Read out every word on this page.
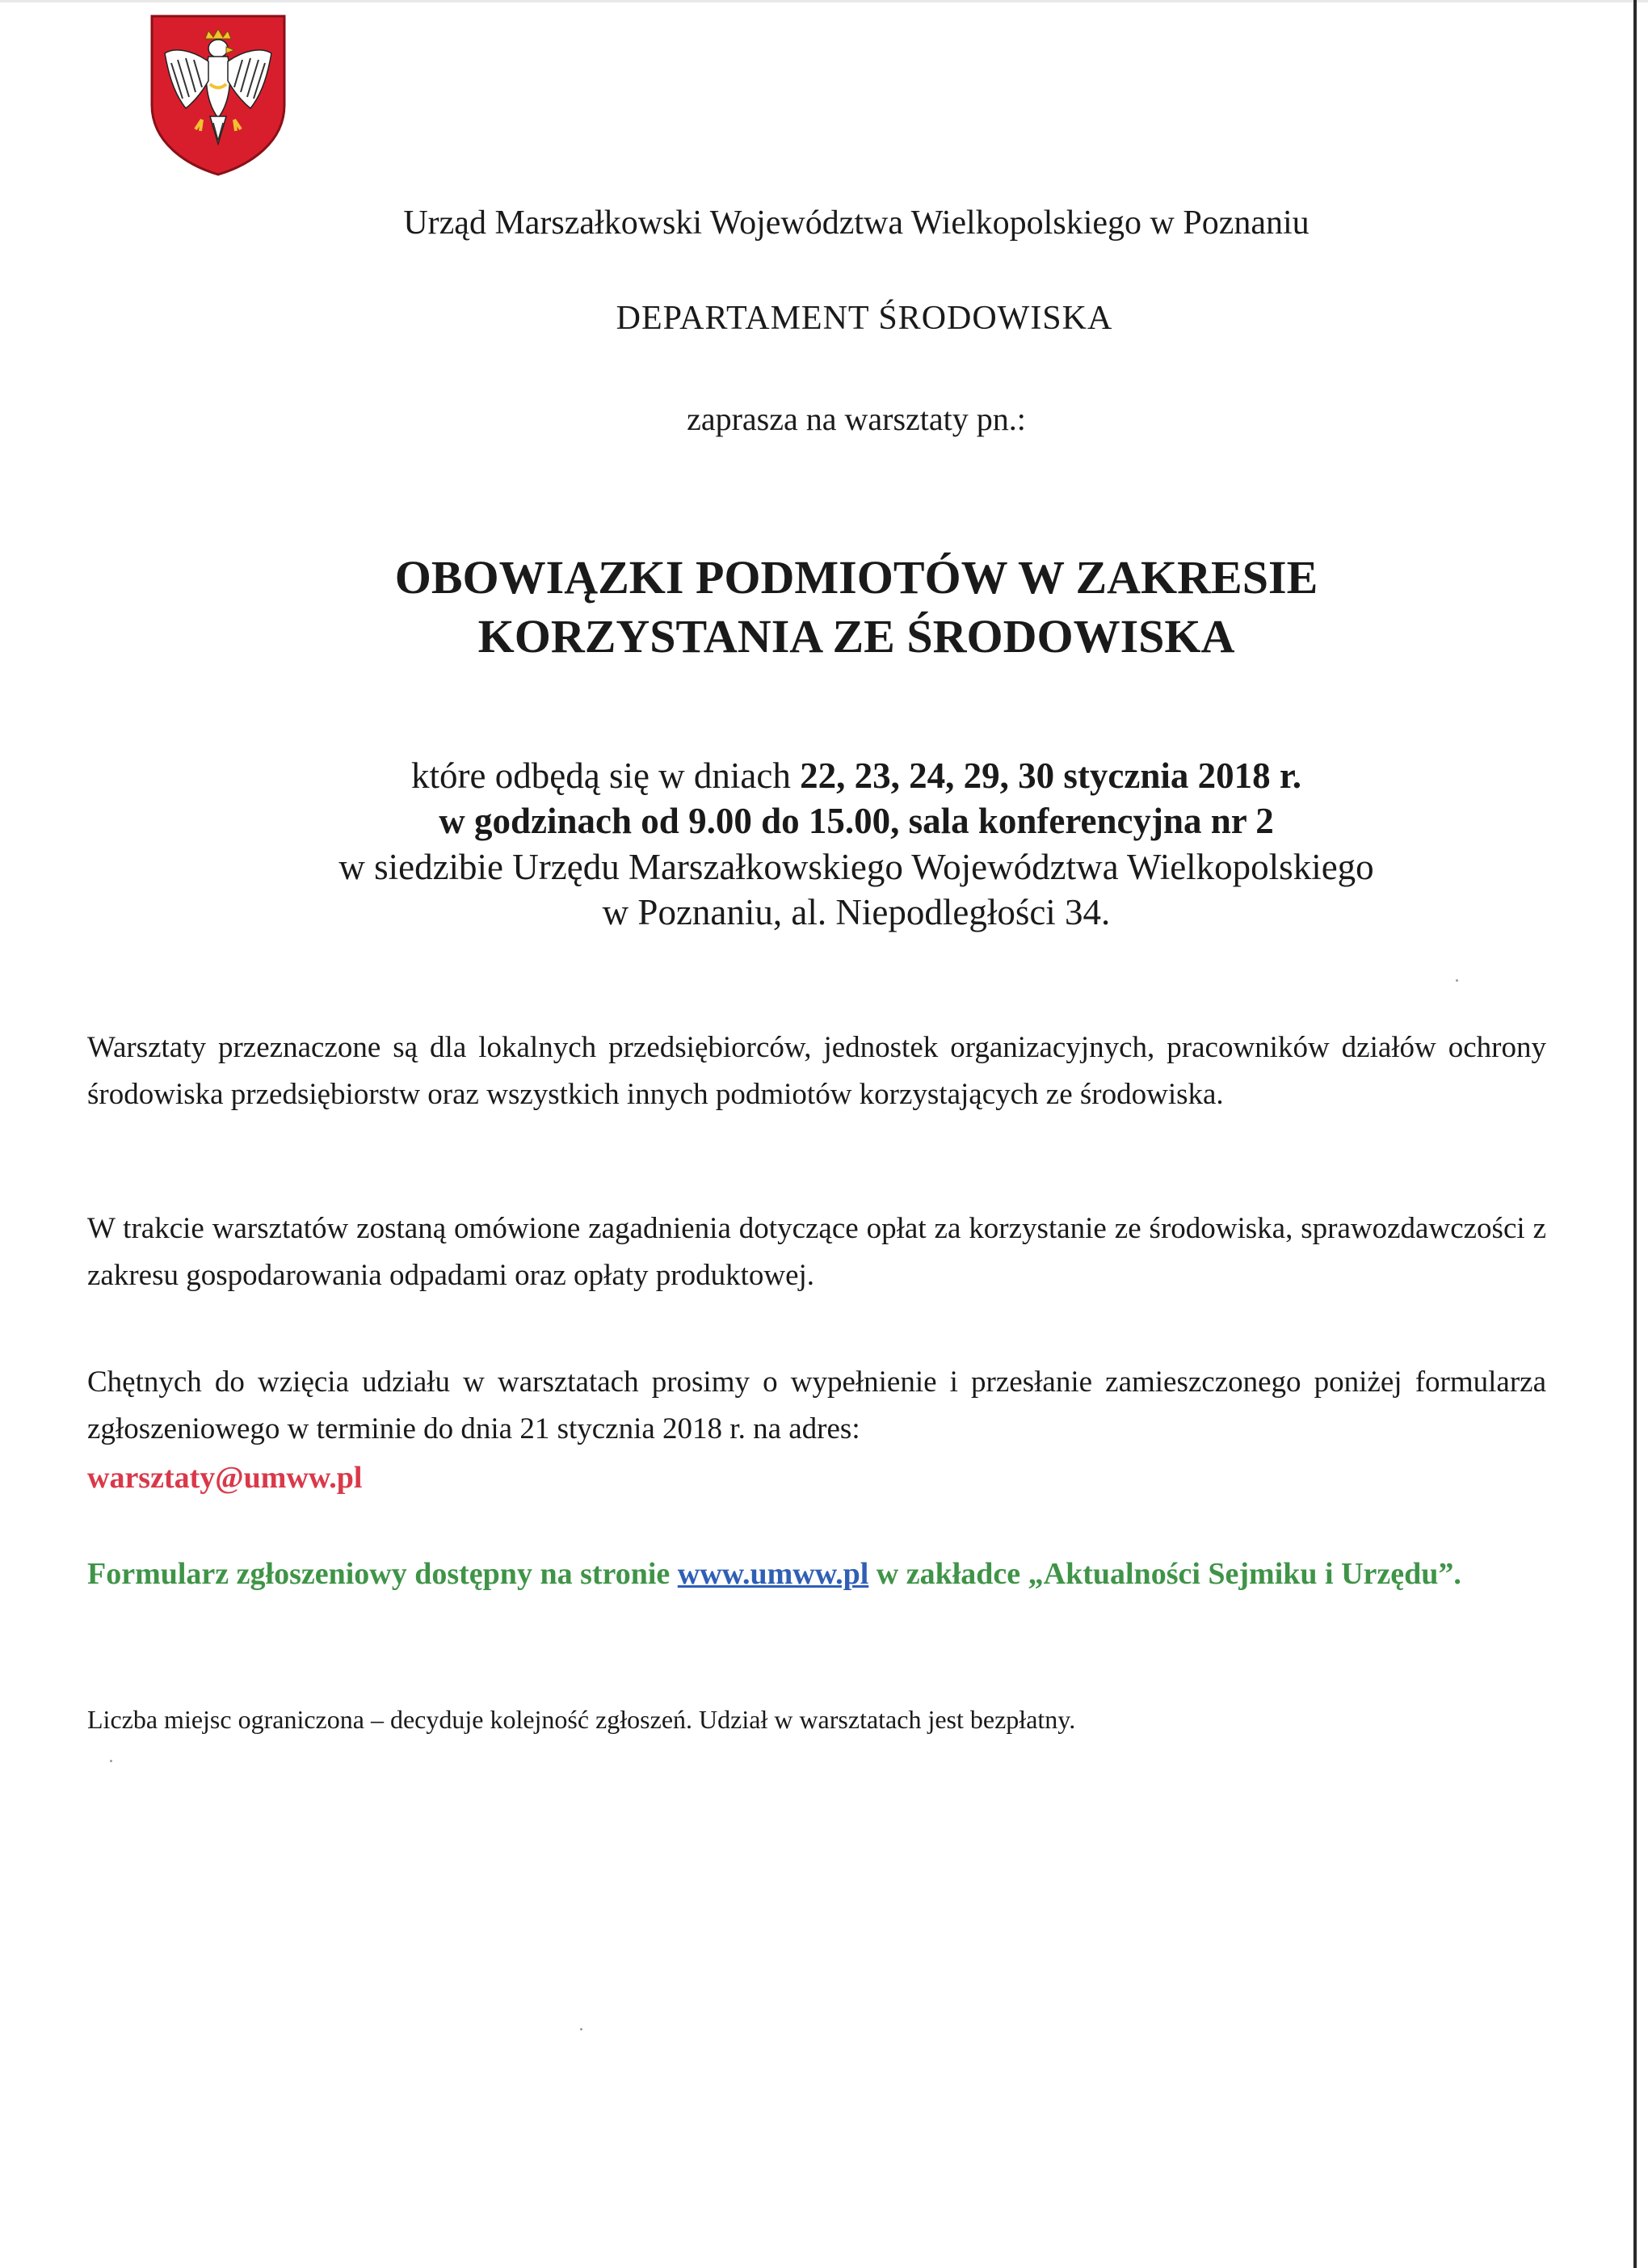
Urząd Marszałkowski Województwa Wielkopolskiego w Poznaniu
DEPARTAMENT ŚRODOWISKA
zaprasza na warsztaty pn.:
OBOWIĄZKI PODMIOTÓW W ZAKRESIE
KORZYSTANIA ZE ŚRODOWISKA
które odbędą się w dniach 22, 23, 24, 29, 30 stycznia 2018 r.
w godzinach od 9.00 do 15.00, sala konferencyjna nr 2
w siedzibie Urzędu Marszałkowskiego Województwa Wielkopolskiego
w Poznaniu, al. Niepodległości 34.
Warsztaty przeznaczone są dla lokalnych przedsiębiorców, jednostek organizacyjnych, pracowników działów ochrony środowiska przedsiębiorstw oraz wszystkich innych podmiotów korzystających ze środowiska.
W trakcie warsztatów zostaną omówione zagadnienia dotyczące opłat za korzystanie ze środowiska, sprawozdawczości z zakresu gospodarowania odpadami oraz opłaty produktowej.
Chętnych do wzięcia udziału w warsztatach prosimy o wypełnienie i przesłanie zamieszczonego poniżej formularza zgłoszeniowego w terminie do dnia 21 stycznia 2018 r. na adres:
warsztaty@umww.pl
Formularz zgłoszeniowy dostępny na stronie www.umww.pl w zakładce „Aktualności Sejmiku i Urzędu”.
Liczba miejsc ograniczona – decyduje kolejność zgłoszeń. Udział w warsztatach jest bezpłatny.
